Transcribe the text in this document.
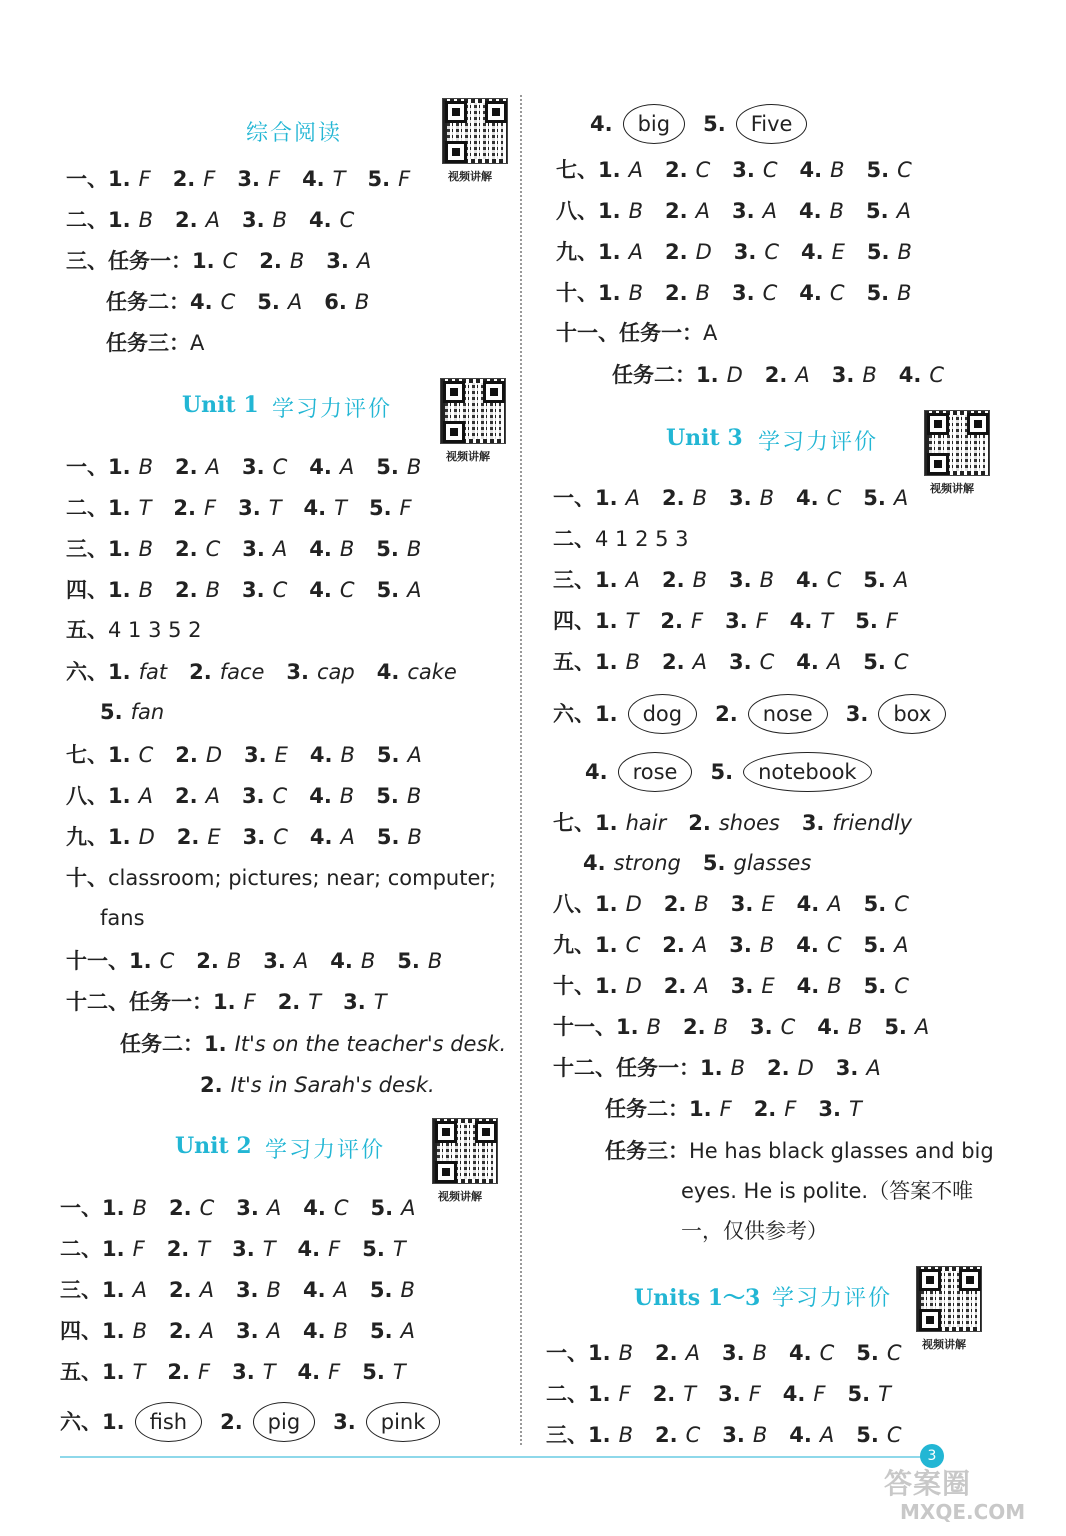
3
答案圈
MXQE.COM
综合阅读
视频讲解
一、1. F 2. F 3. F 4. T 5. F
二、1. B 2. A 3. B 4. C
三、任务一：1. C 2. B 3. A
任务二：4. C 5. A 6. B
任务三：A
Unit 1 学习力评价
视频讲解
一、1. B 2. A 3. C 4. A 5. B
二、1. T 2. F 3. T 4. T 5. F
三、1. B 2. C 3. A 4. B 5. B
四、1. B 2. B 3. C 4. C 5. A
五、4 1 3 5 2
六、1. fat 2. face 3. cap 4. cake
5. fan
七、1. C 2. D 3. E 4. B 5. A
八、1. A 2. A 3. C 4. B 5. B
九、1. D 2. E 3. C 4. A 5. B
十、classroom; pictures; near; computer;
fans
十一、1. C 2. B 3. A 4. B 5. B
十二、任务一：1. F 2. T 3. T
任务二：1. It's on the teacher's desk.
2. It's in Sarah's desk.
Unit 2 学习力评价
视频讲解
一、1. B 2. C 3. A 4. C 5. A
二、1. F 2. T 3. T 4. F 5. T
三、1. A 2. A 3. B 4. A 5. B
四、1. B 2. A 3. A 4. B 5. A
五、1. T 2. F 3. T 4. F 5. T
六、1. fish 2. pig 3. pink
4. big 5. Five
七、1. A 2. C 3. C 4. B 5. C
八、1. B 2. A 3. A 4. B 5. A
九、1. A 2. D 3. C 4. E 5. B
十、1. B 2. B 3. C 4. C 5. B
十一、任务一：A
任务二：1. D 2. A 3. B 4. C
Unit 3 学习力评价
视频讲解
一、1. A 2. B 3. B 4. C 5. A
二、4 1 2 5 3
三、1. A 2. B 3. B 4. C 5. A
四、1. T 2. F 3. F 4. T 5. F
五、1. B 2. A 3. C 4. A 5. C
六、1. dog 2. nose 3. box
4. rose 5. notebook
七、1. hair 2. shoes 3. friendly
4. strong 5. glasses
八、1. D 2. B 3. E 4. A 5. C
九、1. C 2. A 3. B 4. C 5. A
十、1. D 2. A 3. E 4. B 5. C
十一、1. B 2. B 3. C 4. B 5. A
十二、任务一：1. B 2. D 3. A
任务二：1. F 2. F 3. T
任务三：He has black glasses and big
eyes. He is polite.（答案不唯
一，仅供参考）
Units 1～3 学习力评价
视频讲解
一、1. B 2. A 3. B 4. C 5. C
二、1. F 2. T 3. F 4. F 5. T
三、1. B 2. C 3. B 4. A 5. C
